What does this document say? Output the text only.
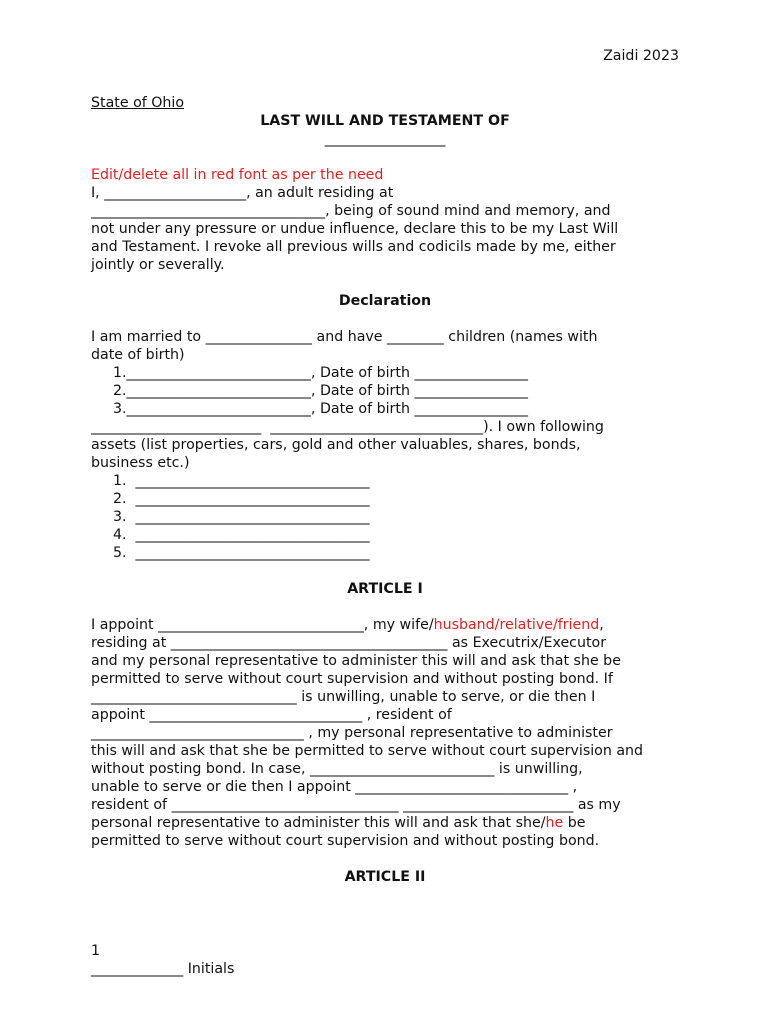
Zaidi 2023
State of Ohio
LAST WILL AND TESTAMENT OF
_________________
Edit/delete all in red font as per the need
I, ____________________, an adult residing at
_________________________________, being of sound mind and memory, and
not under any pressure or undue influence, declare this to be my Last Will
and Testament. I revoke all previous wills and codicils made by me, either
jointly or severally.
Declaration
I am married to _______________ and have ________ children (names with
date of birth)
1.__________________________, Date of birth ________________
2.__________________________, Date of birth ________________
3.__________________________, Date of birth ________________
________________________  ______________________________). I own following
assets (list properties, cars, gold and other valuables, shares, bonds,
business etc.)
1.  _________________________________
2.  _________________________________
3.  _________________________________
4.  _________________________________
5.  _________________________________
ARTICLE I
I appoint _____________________________, my wife/husband/relative/friend,
residing at _______________________________________ as Executrix/Executor
and my personal representative to administer this will and ask that she be
permitted to serve without court supervision and without posting bond. If
_____________________________ is unwilling, unable to serve, or die then I
appoint ______________________________ , resident of
______________________________ , my personal representative to administer
this will and ask that she be permitted to serve without court supervision and
without posting bond. In case, __________________________ is unwilling,
unable to serve or die then I appoint ______________________________ ,
resident of ________________________________ ________________________ as my
personal representative to administer this will and ask that she/he be
permitted to serve without court supervision and without posting bond.
ARTICLE II
1
_____________ Initials
